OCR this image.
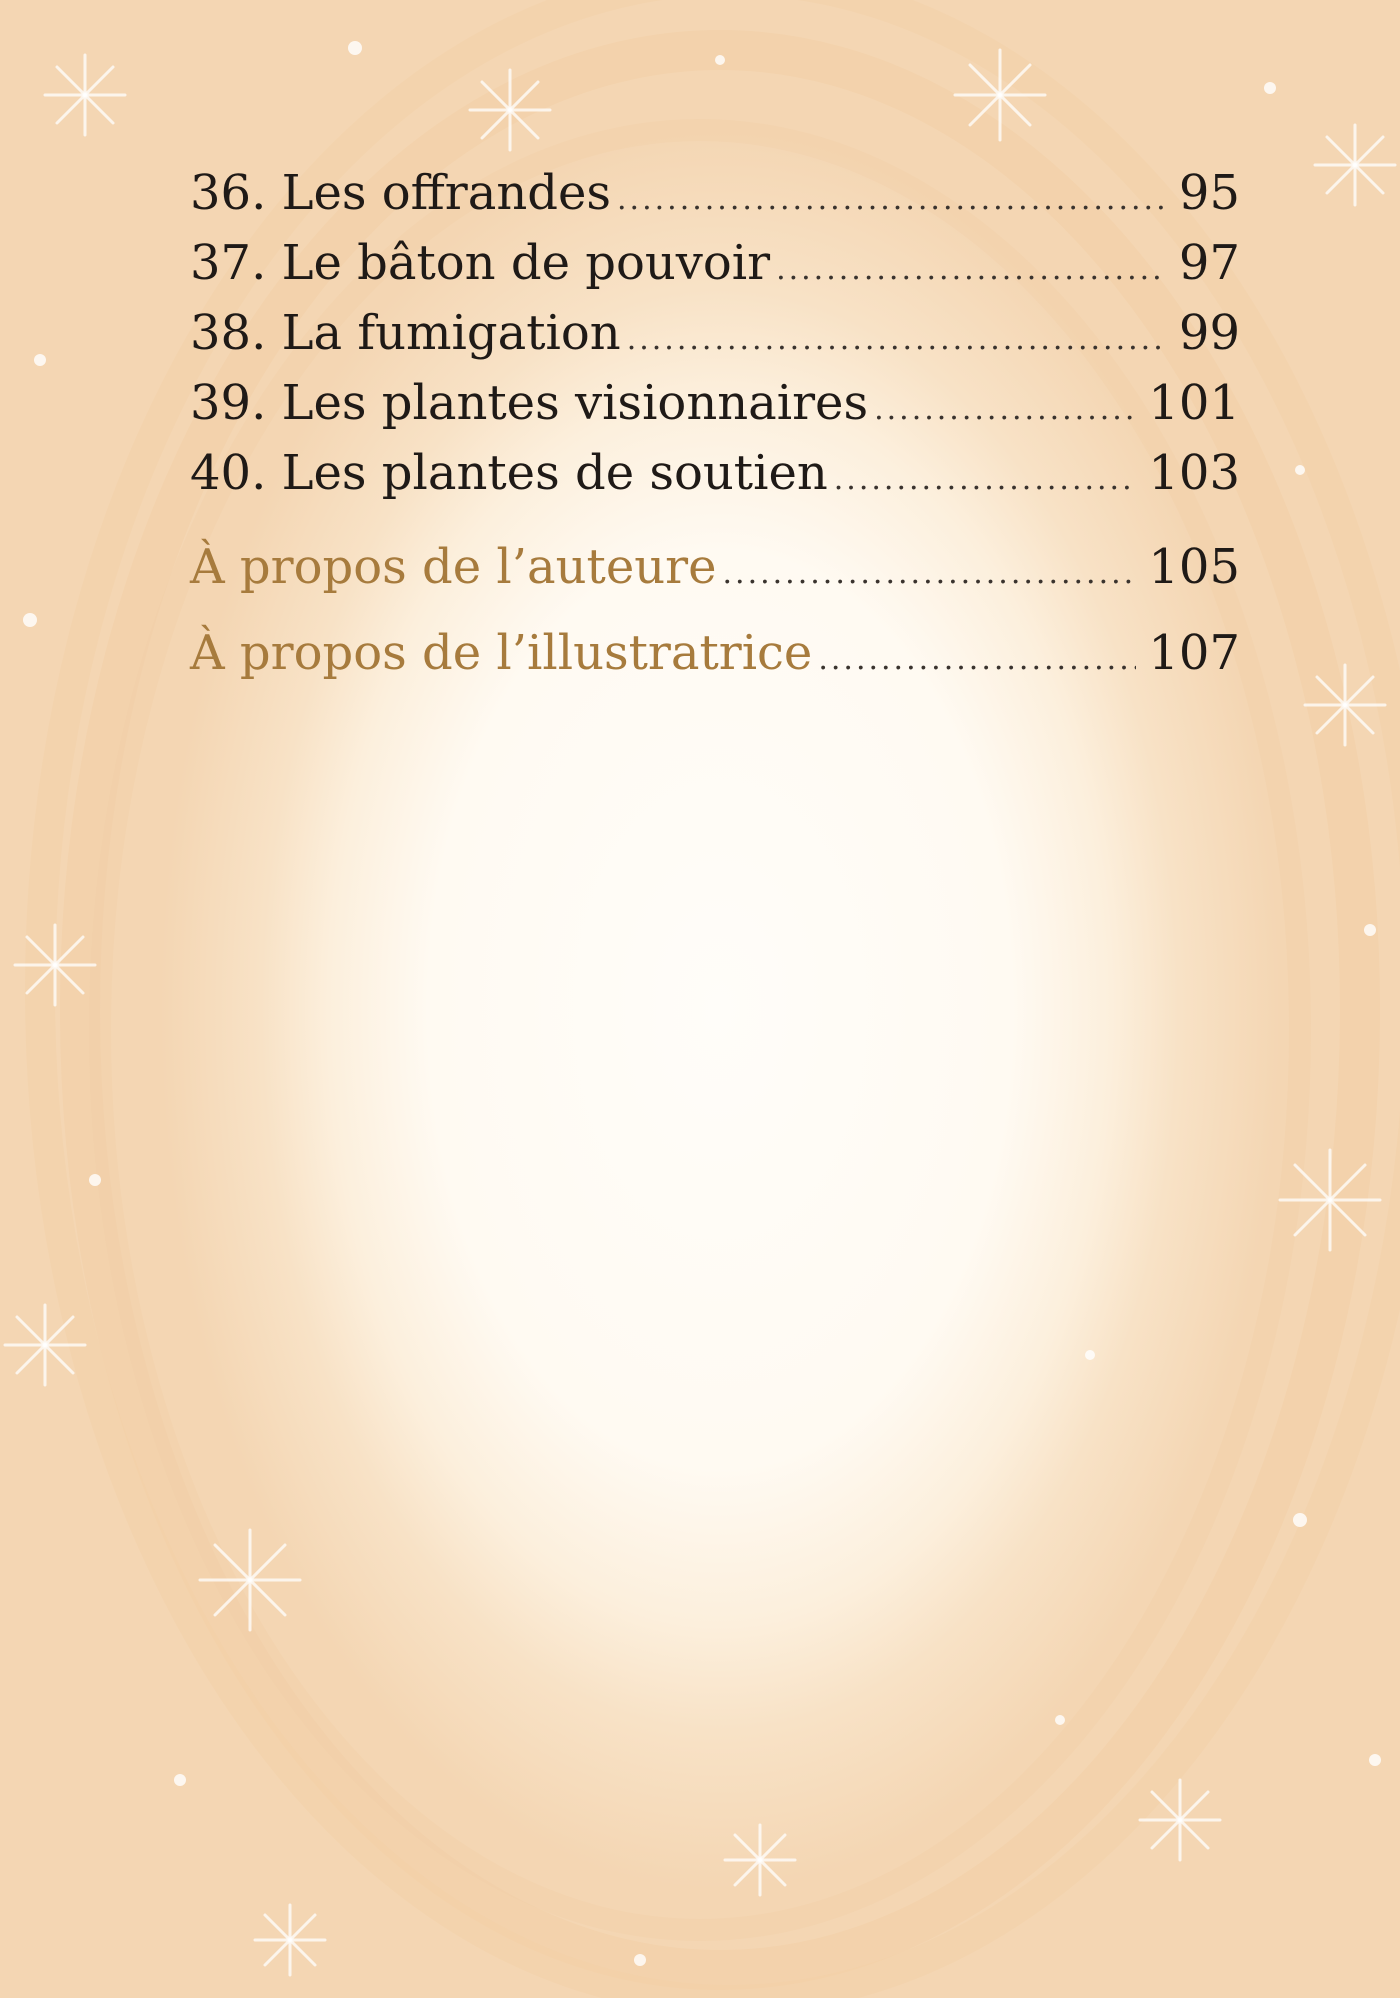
36. Les offrandes .....	95
37. Le bâton de pouvoir .....	97
38. La fumigation .....	99
39. Les plantes visionnaires .....	101
40. Les plantes de soutien .....	103
À propos de l’auteure .....	105
À propos de l’illustratrice .....	107
